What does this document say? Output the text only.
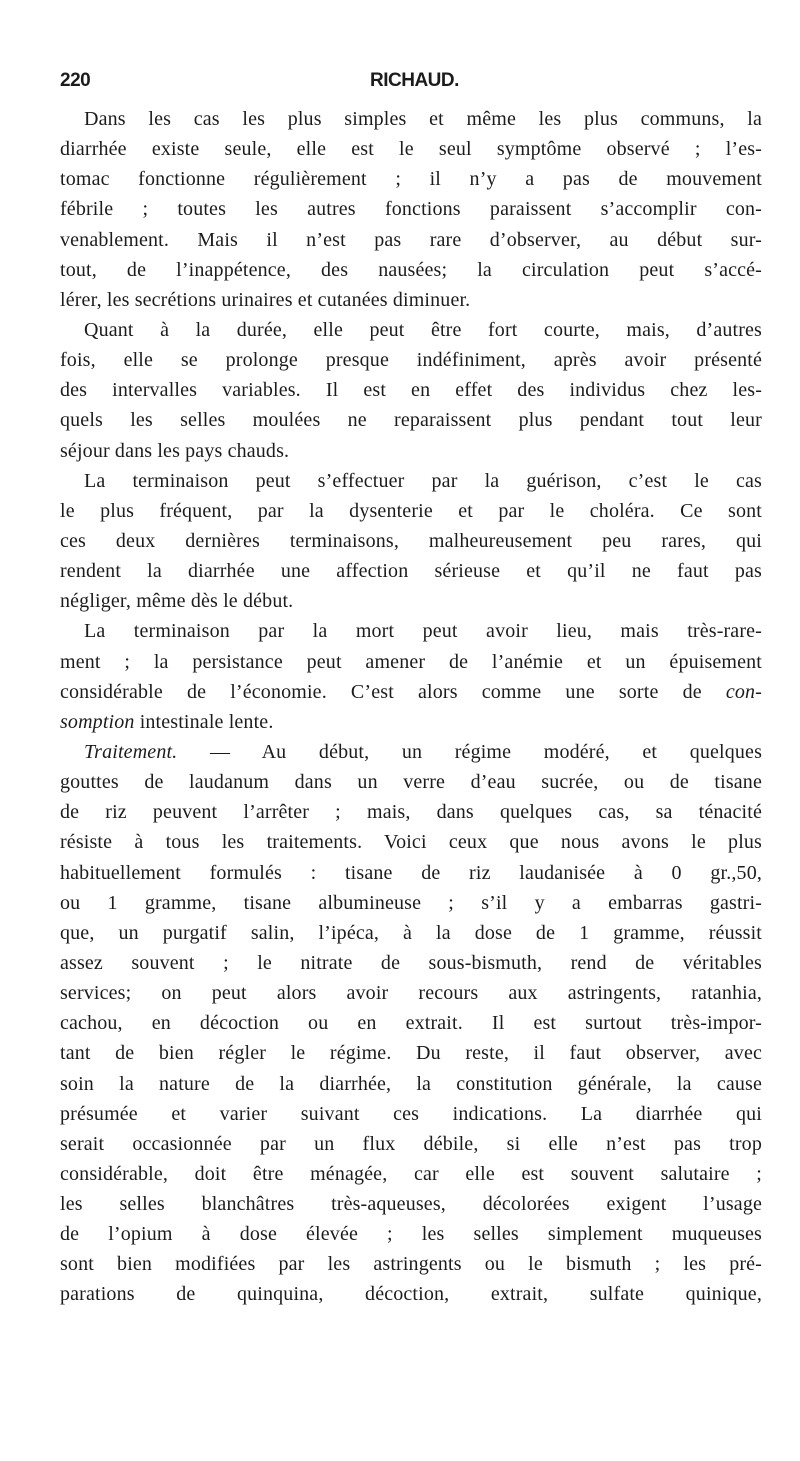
220	RICHAUD.
Dans les cas les plus simples et même les plus communs, la
diarrhée existe seule, elle est le seul symptôme observé ; l’es-
tomac fonctionne régulièrement ; il n’y a pas de mouvement
fébrile ; toutes les autres fonctions paraissent s’accomplir con-
venablement. Mais il n’est pas rare d’observer, au début sur-
tout, de l’inappétence, des nausées; la circulation peut s’accé-
lérer, les secrétions urinaires et cutanées diminuer.
Quant à la durée, elle peut être fort courte, mais, d’autres
fois, elle se prolonge presque indéfiniment, après avoir présenté
des intervalles variables. Il est en effet des individus chez les-
quels les selles moulées ne reparaissent plus pendant tout leur
séjour dans les pays chauds.
La terminaison peut s’effectuer par la guérison, c’est le cas
le plus fréquent, par la dysenterie et par le choléra. Ce sont
ces deux dernières terminaisons, malheureusement peu rares, qui
rendent la diarrhée une affection sérieuse et qu’il ne faut pas
négliger, même dès le début.
La terminaison par la mort peut avoir lieu, mais très-rare-
ment ; la persistance peut amener de l’anémie et un épuisement
considérable de l’économie. C’est alors comme une sorte de con-
somption intestinale lente.
Traitement. — Au début, un régime modéré, et quelques
gouttes de laudanum dans un verre d’eau sucrée, ou de tisane
de riz peuvent l’arrêter ; mais, dans quelques cas, sa ténacité
résiste à tous les traitements. Voici ceux que nous avons le plus
habituellement formulés : tisane de riz laudanisée à 0 gr.,50,
ou 1 gramme, tisane albumineuse ; s’il y a embarras gastri-
que, un purgatif salin, l’ipéca, à la dose de 1 gramme, réussit
assez souvent ; le nitrate de sous-bismuth, rend de véritables
services; on peut alors avoir recours aux astringents, ratanhia,
cachou, en décoction ou en extrait. Il est surtout très-impor-
tant de bien régler le régime. Du reste, il faut observer, avec
soin la nature de la diarrhée, la constitution générale, la cause
présumée et varier suivant ces indications. La diarrhée qui
serait occasionnée par un flux débile, si elle n’est pas trop
considérable, doit être ménagée, car elle est souvent salutaire ;
les selles blanchâtres très-aqueuses, décolorées exigent l’usage
de l’opium à dose élevée ; les selles simplement muqueuses
sont bien modifiées par les astringents ou le bismuth ; les pré-
parations de quinquina, décoction, extrait, sulfate quinique,
